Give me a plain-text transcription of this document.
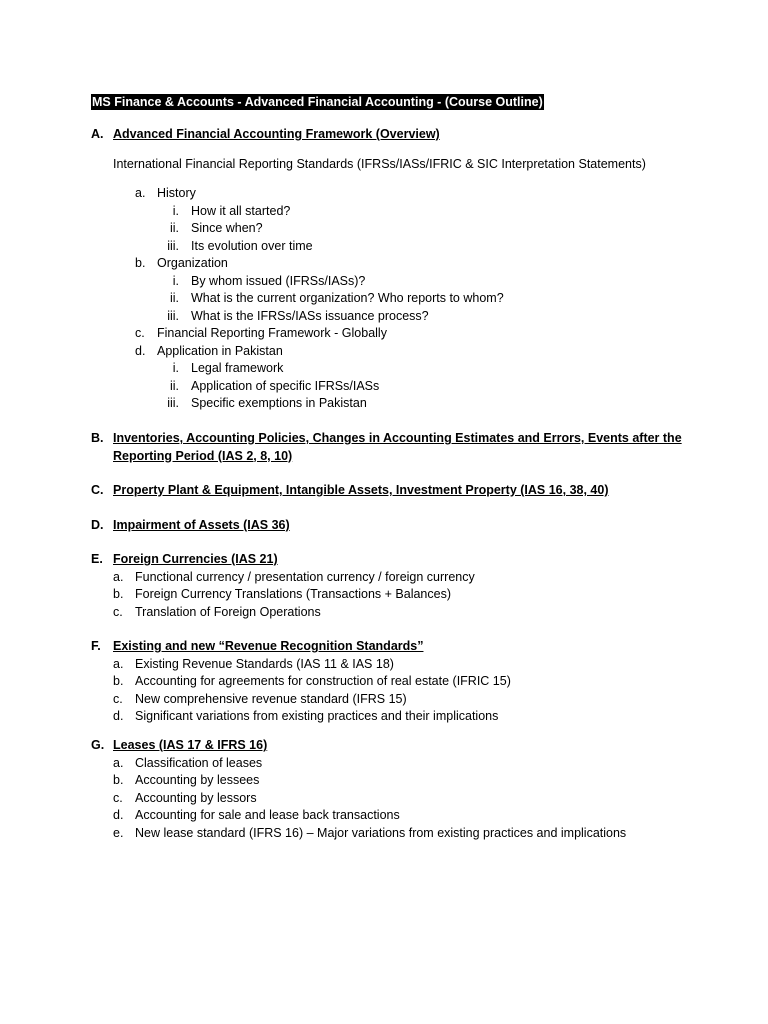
MS Finance & Accounts - Advanced Financial Accounting - (Course Outline)
A. Advanced Financial Accounting Framework (Overview)
International Financial Reporting Standards (IFRSs/IASs/IFRIC & SIC Interpretation Statements)
a. History
i. How it all started?
ii. Since when?
iii. Its evolution over time
b. Organization
i. By whom issued (IFRSs/IASs)?
ii. What is the current organization? Who reports to whom?
iii. What is the IFRSs/IASs issuance process?
c. Financial Reporting Framework - Globally
d. Application in Pakistan
i. Legal framework
ii. Application of specific IFRSs/IASs
iii. Specific exemptions in Pakistan
B. Inventories, Accounting Policies, Changes in Accounting Estimates and Errors, Events after the
Reporting Period (IAS 2, 8, 10)
C. Property Plant & Equipment, Intangible Assets, Investment Property (IAS 16, 38, 40)
D. Impairment of Assets (IAS 36)
E. Foreign Currencies (IAS 21)
a. Functional currency / presentation currency / foreign currency
b. Foreign Currency Translations (Transactions + Balances)
c. Translation of Foreign Operations
F. Existing and new “Revenue Recognition Standards”
a. Existing Revenue Standards (IAS 11 & IAS 18)
b. Accounting for agreements for construction of real estate (IFRIC 15)
c. New comprehensive revenue standard (IFRS 15)
d. Significant variations from existing practices and their implications
G. Leases (IAS 17 & IFRS 16)
a. Classification of leases
b. Accounting by lessees
c. Accounting by lessors
d. Accounting for sale and lease back transactions
e. New lease standard (IFRS 16) – Major variations from existing practices and implications
